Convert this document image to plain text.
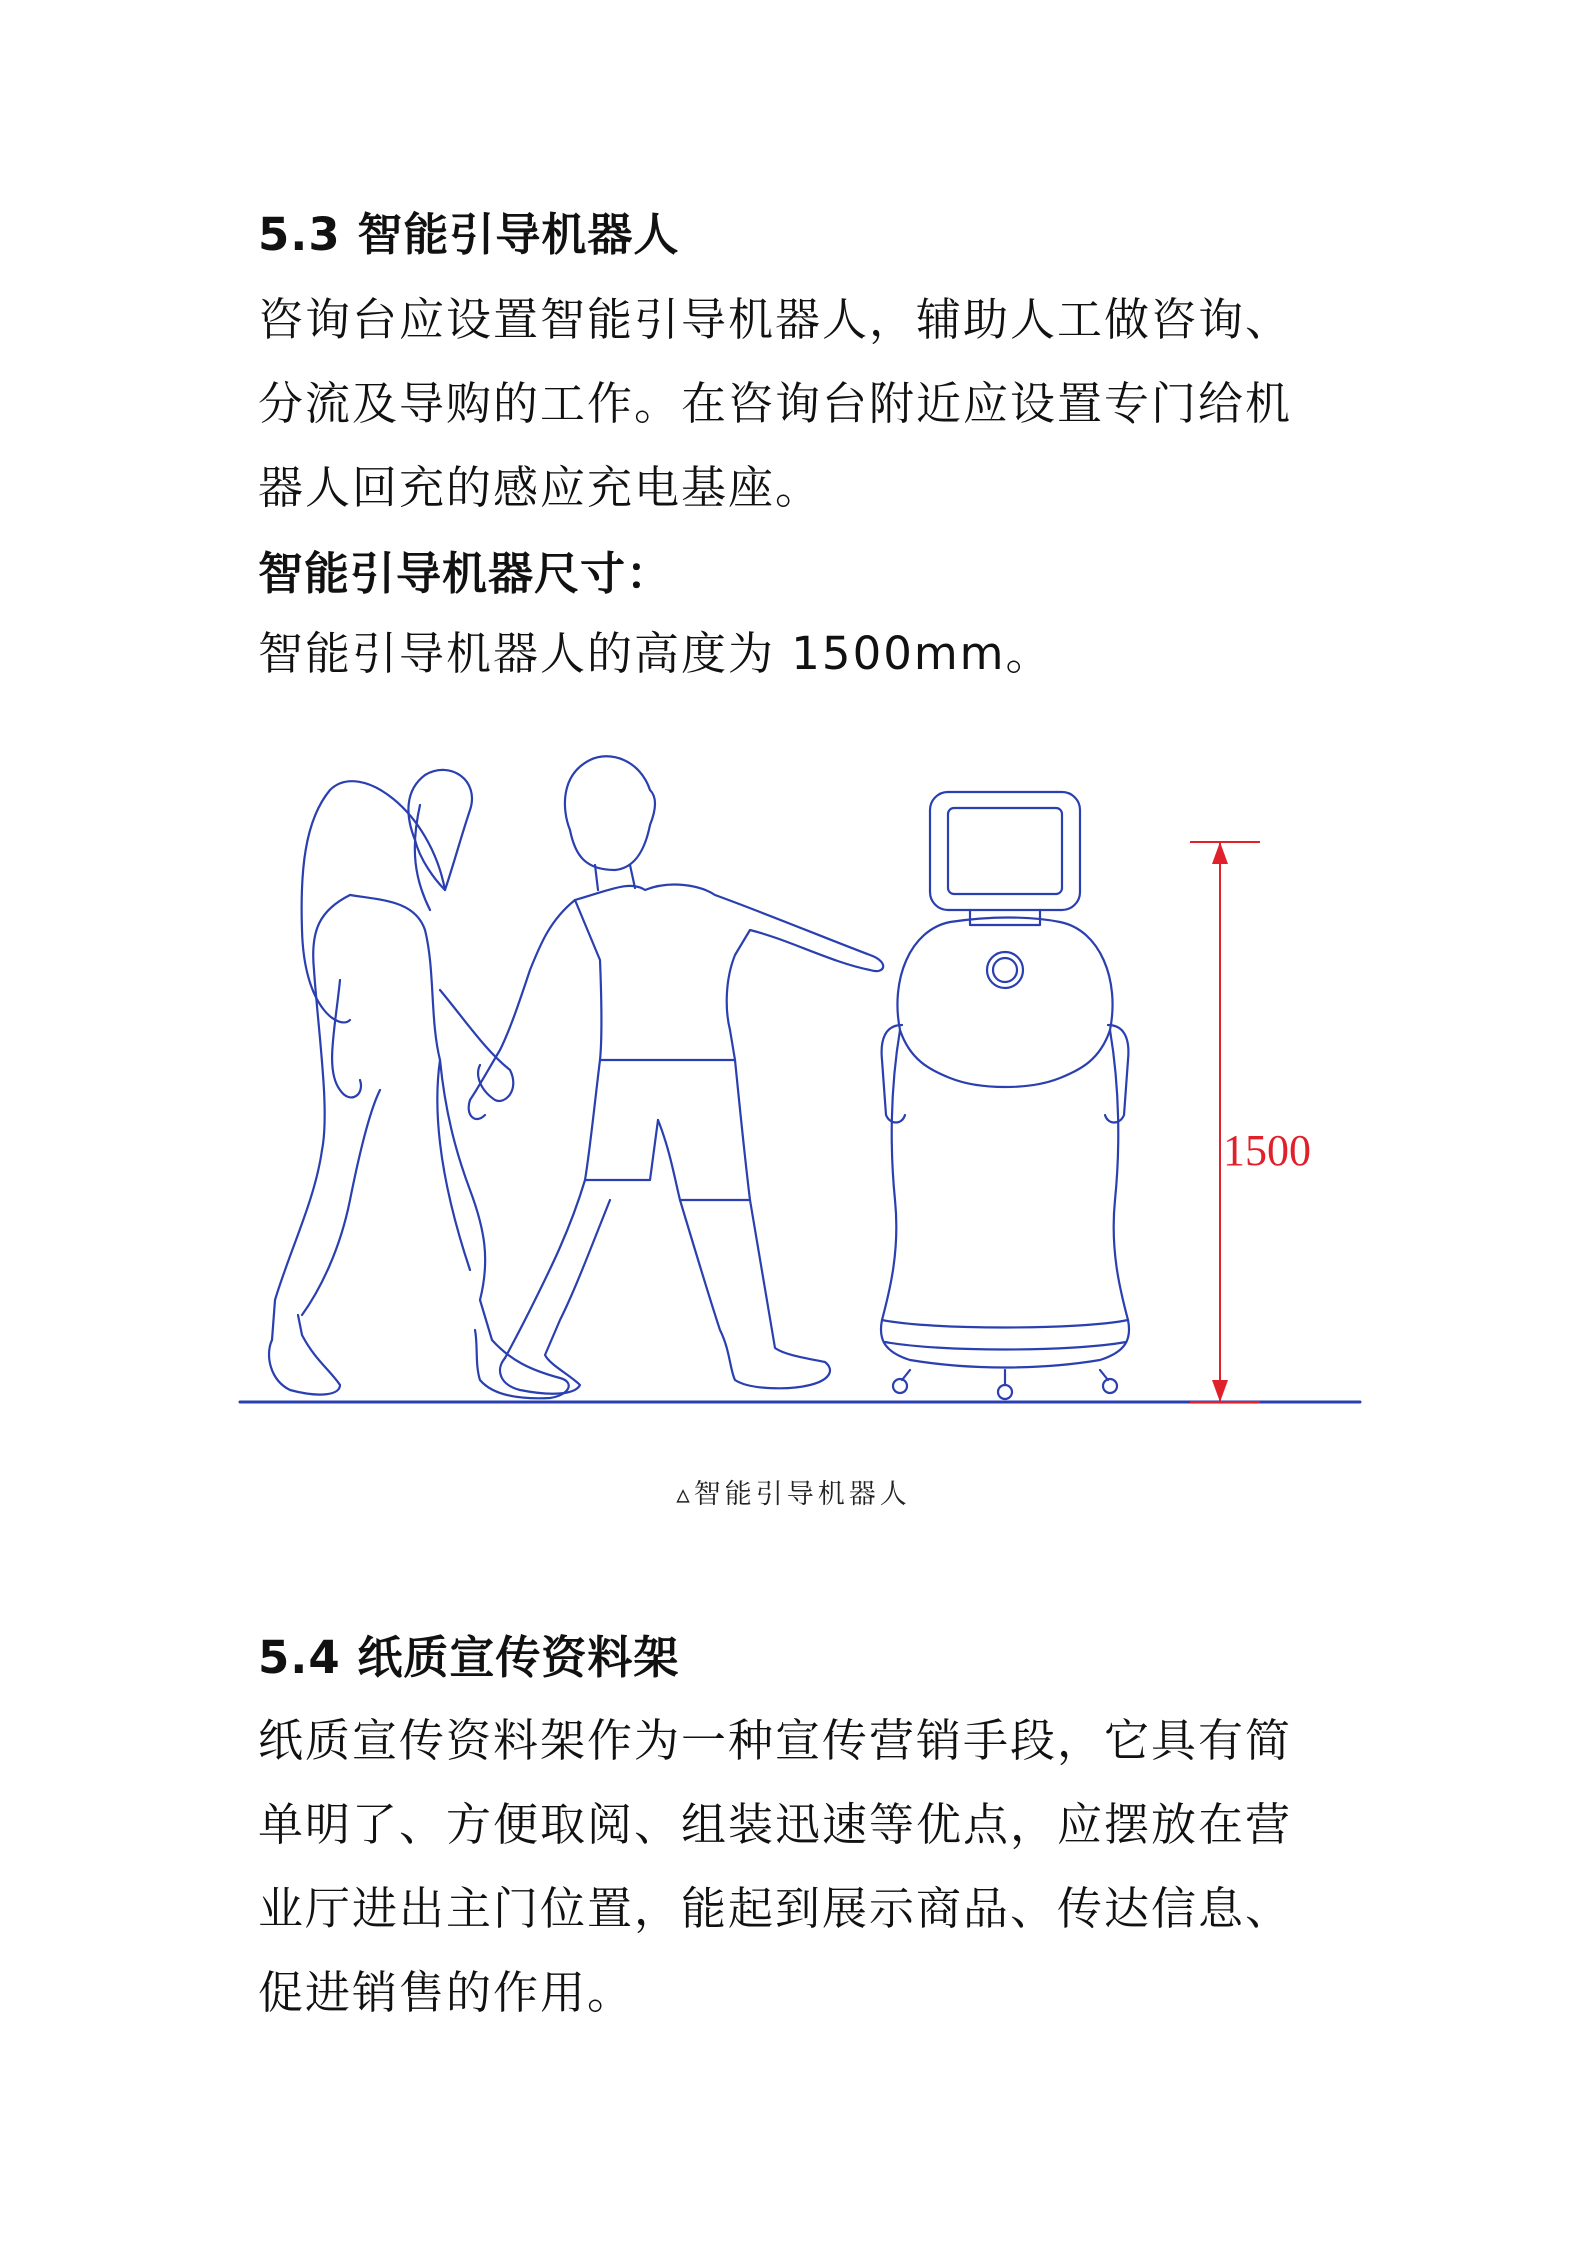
5.3 智能引导机器人
咨询台应设置智能引导机器人，辅助人工做咨询、
分流及导购的工作。在咨询台附近应设置专门给机
器人回充的感应充电基座。
智能引导机器尺寸：
智能引导机器人的高度为 1500mm。
1500
▵智能引导机器人
5.4 纸质宣传资料架
纸质宣传资料架作为一种宣传营销手段，它具有简
单明了、方便取阅、组装迅速等优点，应摆放在营
业厅进出主门位置，能起到展示商品、传达信息、
促进销售的作用。
